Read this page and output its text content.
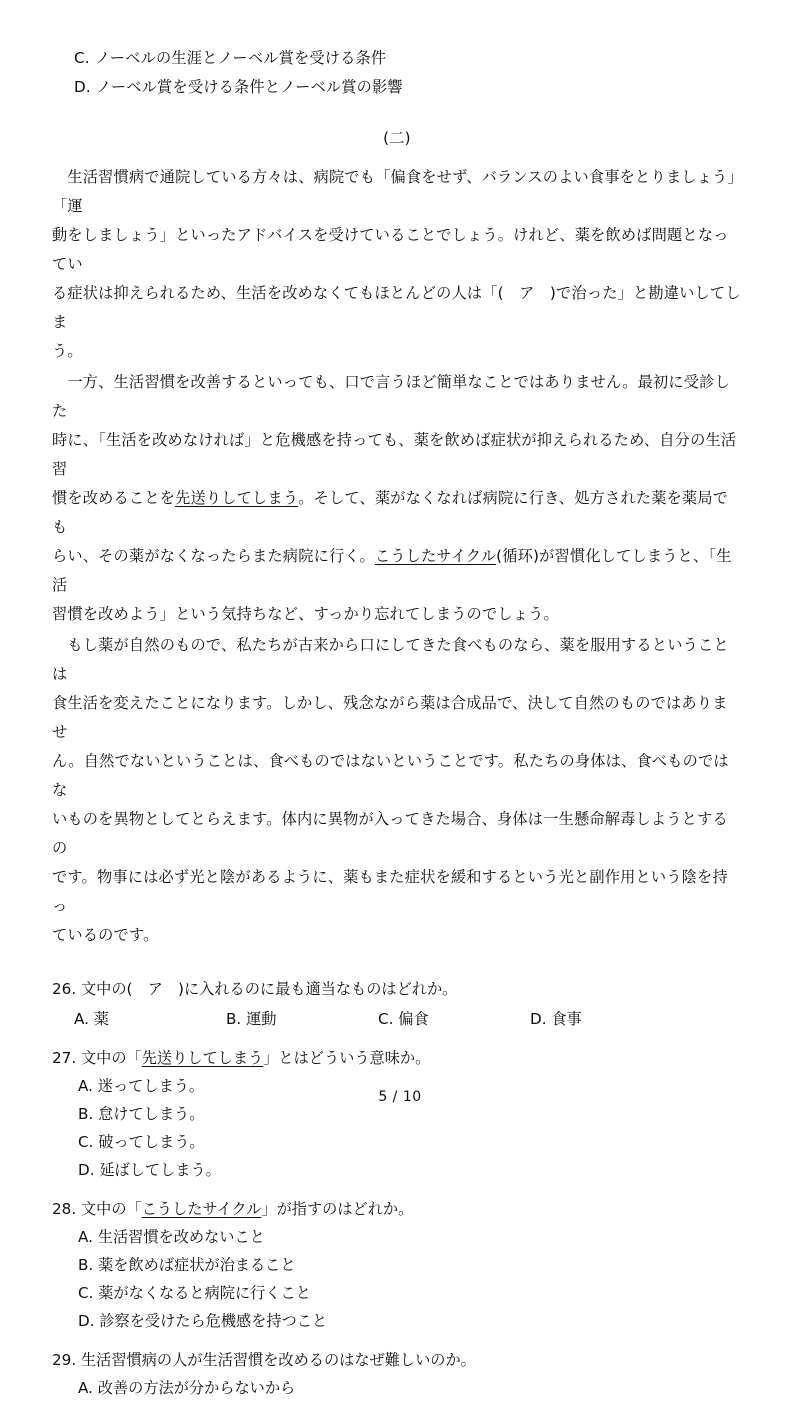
C. ノーベルの生涯とノーベル賞を受ける条件
D. ノーベル賞を受ける条件とノーベル賞の影響
(二)
　生活習慣病で通院している方々は、病院でも「偏食をせず、バランスのよい食事をとりましょう」「運
動をしましょう」といったアドバイスを受けていることでしょう。けれど、薬を飲めば問題となってい
る症状は抑えられるため、生活を改めなくてもほとんどの人は「(　ア　)で治った」と勘違いしてしま
う。
　一方、生活習慣を改善するといっても、口で言うほど簡単なことではありません。最初に受診した
時に、「生活を改めなければ」と危機感を持っても、薬を飲めば症状が抑えられるため、自分の生活習
慣を改めることを先送りしてしまう。そして、薬がなくなれば病院に行き、処方された薬を薬局でも
らい、その薬がなくなったらまた病院に行く。こうしたサイクル(循环)が習慣化してしまうと、「生活
習慣を改めよう」という気持ちなど、すっかり忘れてしまうのでしょう。
　もし薬が自然のもので、私たちが古来から口にしてきた食べものなら、薬を服用するということは
食生活を変えたことになります。しかし、残念ながら薬は合成品で、決して自然のものではありませ
ん。自然でないということは、食べものではないということです。私たちの身体は、食べものではな
いものを異物としてとらえます。体内に異物が入ってきた場合、身体は一生懸命解毒しようとするの
です。物事には必ず光と陰があるように、薬もまた症状を緩和するという光と副作用という陰を持っ
ているのです。
26. 文中の(　ア　)に入れるのに最も適当なものはどれか。
A. 薬	B. 運動	C. 偏食	D. 食事
27. 文中の「先送りしてしまう」とはどういう意味か。
A. 迷ってしまう。
B. 怠けてしまう。
C. 破ってしまう。
D. 延ばしてしまう。
28. 文中の「こうしたサイクル」が指すのはどれか。
A. 生活習慣を改めないこと
B. 薬を飲めば症状が治まること
C. 薬がなくなると病院に行くこと
D. 診察を受けたら危機感を持つこと
29. 生活習慣病の人が生活習慣を改めるのはなぜ難しいのか。
A. 改善の方法が分からないから
5 / 10
